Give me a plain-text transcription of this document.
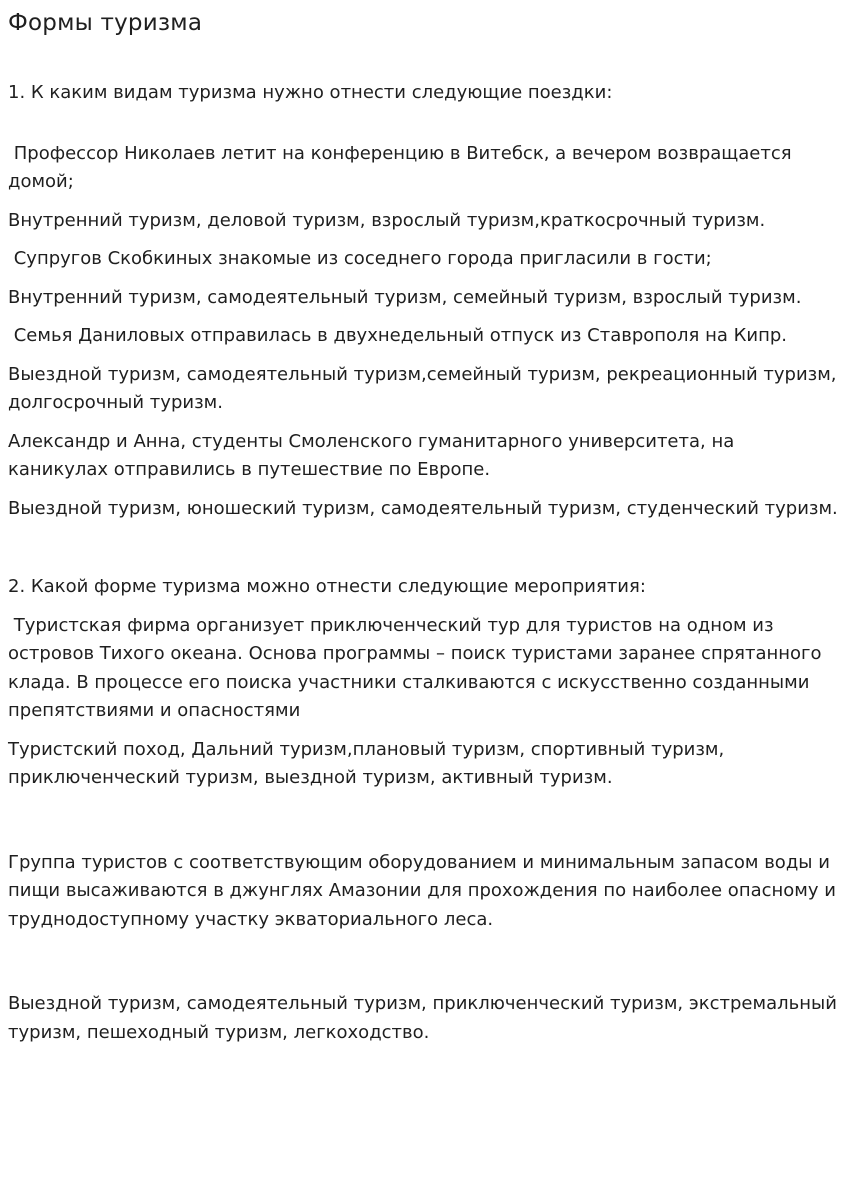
Формы туризма

1. К каким видам туризма нужно отнести следующие поездки:

Профессор Николаев летит на конференцию в Витебск, а вечером возвращается домой;

Внутренний туризм, деловой туризм, взрослый туризм,краткосрочный туризм.

Супругов Скобкиных знакомые из соседнего города пригласили в гости;

Внутренний туризм, самодеятельный туризм, семейный туризм, взрослый туризм.

Семья Даниловых отправилась в двухнедельный отпуск из Ставрополя на Кипр.

Выездной туризм, самодеятельный туризм,семейный туризм, рекреационный туризм, долгосрочный туризм.

Александр и Анна, студенты Смоленского гуманитарного университета, на каникулах отправились в путешествие по Европе.

Выездной туризм, юношеский туризм, самодеятельный туризм, студенческий туризм.

2. Какой форме туризма можно отнести следующие мероприятия:

Туристская фирма организует приключенческий тур для туристов на одном из островов Тихого океана. Основа программы – поиск туристами заранее спрятанного клада. В процессе его поиска участники сталкиваются с искусственно созданными препятствиями и опасностями

Туристский поход, Дальний туризм,плановый туризм, спортивный туризм, приключенческий туризм, выездной туризм, активный туризм.

Группа туристов с соответствующим оборудованием и минимальным запасом воды и пищи высаживаются в джунглях Амазонии для прохождения по наиболее опасному и труднодоступному участку экваториального леса.

Выездной туризм, самодеятельный туризм, приключенческий туризм, экстремальный туризм, пешеходный туризм, легкоходство.
